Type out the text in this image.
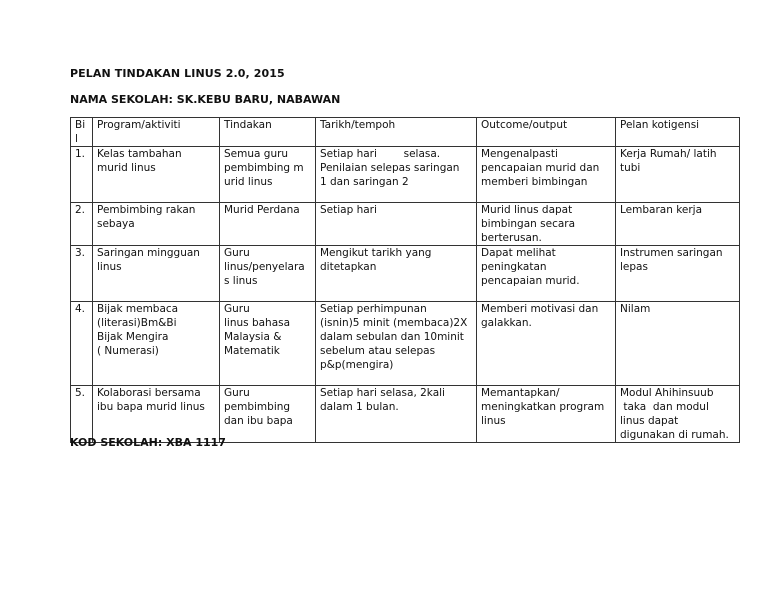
PELAN TINDAKAN LINUS 2.0, 2015
NAMA SEKOLAH: SK.KEBU BARU, NABAWAN
Bi
l	Program/aktiviti	Tindakan	Tarikh/tempoh	Outcome/output	Pelan kotigensi

1.	Kelas tambahan
murid linus	Semua guru
pembimbing m
urid linus	Setiap hari        selasa.
Penilaian selepas saringan
1 dan saringan 2	Mengenalpasti
pencapaian murid dan
memberi bimbingan	Kerja Rumah/ latih
tubi

2.	Pembimbing rakan
sebaya	Murid Perdana	Setiap hari	Murid linus dapat
bimbingan secara
berterusan.	Lembaran kerja

3.	Saringan mingguan
linus	Guru
linus/penyelara
s linus	Mengikut tarikh yang
ditetapkan	Dapat melihat
peningkatan
pencapaian murid.	Instrumen saringan
lepas

4.	Bijak membaca
(literasi)Bm&Bi
Bijak Mengira
( Numerasi)	Guru
linus bahasa
Malaysia &
Matematik	Setiap perhimpunan
(isnin)5 minit (membaca)2X
dalam sebulan dan 10minit
sebelum atau selepas
p&p(mengira)	Memberi motivasi dan
galakkan.	Nilam

5.	Kolaborasi bersama
ibu bapa murid linus	Guru
pembimbing
dan ibu bapa	Setiap hari selasa, 2kali
dalam 1 bulan.	Memantapkan/
meningkatkan program
linus	Modul Ahihinsuub
taka  dan modul
linus dapat
digunakan di rumah.
KOD SEKOLAH: XBA 1117
